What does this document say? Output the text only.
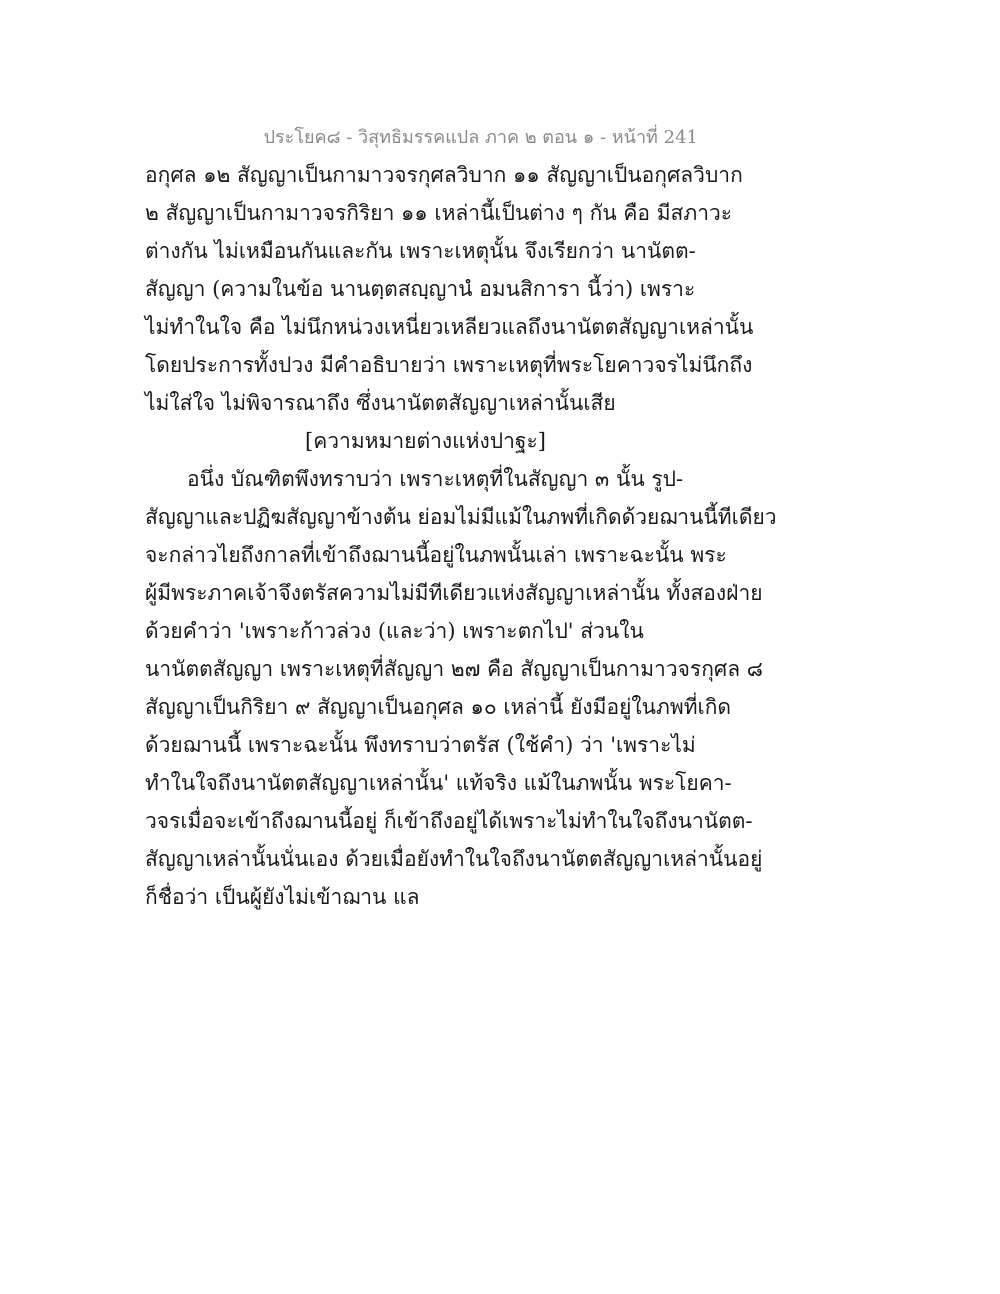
ประโยค๘ - วิสุทธิมรรคแปล ภาค ๒ ตอน ๑ - หน้าที่ 241
อกุศล ๑๒ สัญญาเป็นกามาวจรกุศลวิบาก ๑๑ สัญญาเป็นอกุศลวิบาก
๒ สัญญาเป็นกามาวจรกิริยา ๑๑ เหล่านี้เป็นต่าง ๆ กัน คือ มีสภาวะ
ต่างกัน ไม่เหมือนกันและกัน เพราะเหตุนั้น จึงเรียกว่า นานัตต-
สัญญา (ความในข้อ นานตฺตสญฺญานํ อมนสิการา นี้ว่า) เพราะ
ไม่ทำในใจ คือ ไม่นึกหน่วงเหนี่ยวเหลียวแลถึงนานัตตสัญญาเหล่านั้น
โดยประการทั้งปวง มีคำอธิบายว่า เพราะเหตุที่พระโยคาวจรไม่นึกถึง
ไม่ใส่ใจ ไม่พิจารณาถึง ซึ่งนานัตตสัญญาเหล่านั้นเสีย
[ความหมายต่างแห่งปาฐะ]
อนึ่ง บัณฑิตพึงทราบว่า เพราะเหตุที่ในสัญญา ๓ นั้น รูป-
สัญญาและปฏิฆสัญญาข้างต้น ย่อมไม่มีแม้ในภพที่เกิดด้วยฌานนี้ทีเดียว
จะกล่าวไยถึงกาลที่เข้าถึงฌานนี้อยู่ในภพนั้นเล่า เพราะฉะนั้น พระ
ผู้มีพระภาคเจ้าจึงตรัสความไม่มีทีเดียวแห่งสัญญาเหล่านั้น ทั้งสองฝ่าย
ด้วยคำว่า 'เพราะก้าวล่วง (และว่า) เพราะตกไป' ส่วนใน
นานัตตสัญญา เพราะเหตุที่สัญญา ๒๗ คือ สัญญาเป็นกามาวจรกุศล ๘
สัญญาเป็นกิริยา ๙ สัญญาเป็นอกุศล ๑๐ เหล่านี้ ยังมีอยู่ในภพที่เกิด
ด้วยฌานนี้ เพราะฉะนั้น พึงทราบว่าตรัส (ใช้คำ) ว่า 'เพราะไม่
ทำในใจถึงนานัตตสัญญาเหล่านั้น' แท้จริง แม้ในภพนั้น พระโยคา-
วจรเมื่อจะเข้าถึงฌานนี้อยู่ ก็เข้าถึงอยู่ได้เพราะไม่ทำในใจถึงนานัตต-
สัญญาเหล่านั้นนั่นเอง ด้วยเมื่อยังทำในใจถึงนานัตตสัญญาเหล่านั้นอยู่
ก็ชื่อว่า เป็นผู้ยังไม่เข้าฌาน แล
